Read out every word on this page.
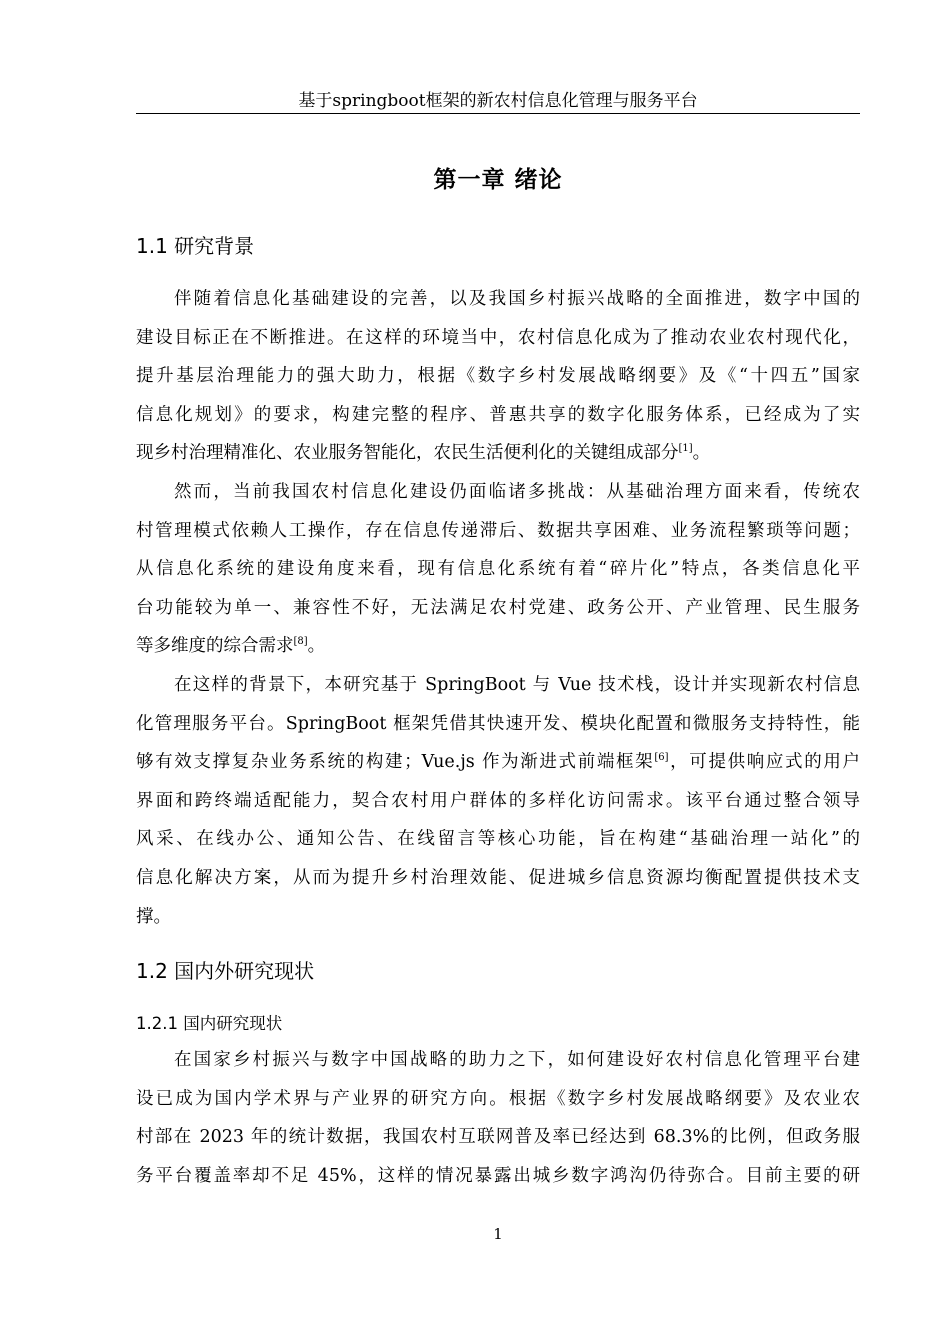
基于springboot框架的新农村信息化管理与服务平台
第一章 绪论
1.1 研究背景
伴随着信息化基础建设的完善，以及我国乡村振兴战略的全面推进，数字中国的
建设目标正在不断推进。在这样的环境当中，农村信息化成为了推动农业农村现代化，
提升基层治理能力的强大助力，根据《数字乡村发展战略纲要》及《“十四五”国家
信息化规划》的要求，构建完整的程序、普惠共享的数字化服务体系，已经成为了实
现乡村治理精准化、农业服务智能化，农民生活便利化的关键组成部分[1]。
然而，当前我国农村信息化建设仍面临诸多挑战：从基础治理方面来看，传统农
村管理模式依赖人工操作，存在信息传递滞后、数据共享困难、业务流程繁琐等问题；
从信息化系统的建设角度来看，现有信息化系统有着“碎片化”特点，各类信息化平
台功能较为单一、兼容性不好，无法满足农村党建、政务公开、产业管理、民生服务
等多维度的综合需求[8]。
在这样的背景下，本研究基于 SpringBoot 与 Vue 技术栈，设计并实现新农村信息
化管理服务平台。SpringBoot 框架凭借其快速开发、模块化配置和微服务支持特性，能
够有效支撑复杂业务系统的构建；Vue.js 作为渐进式前端框架[6]，可提供响应式的用户
界面和跨终端适配能力，契合农村用户群体的多样化访问需求。该平台通过整合领导
风采、在线办公、通知公告、在线留言等核心功能，旨在构建“基础治理一站化”的
信息化解决方案，从而为提升乡村治理效能、促进城乡信息资源均衡配置提供技术支
撑。
1.2 国内外研究现状
1.2.1 国内研究现状
在国家乡村振兴与数字中国战略的助力之下，如何建设好农村信息化管理平台建
设已成为国内学术界与产业界的研究方向。根据《数字乡村发展战略纲要》及农业农
村部在 2023 年的统计数据，我国农村互联网普及率已经达到 68.3%的比例，但政务服
务平台覆盖率却不足 45%，这样的情况暴露出城乡数字鸿沟仍待弥合。目前主要的研
1
